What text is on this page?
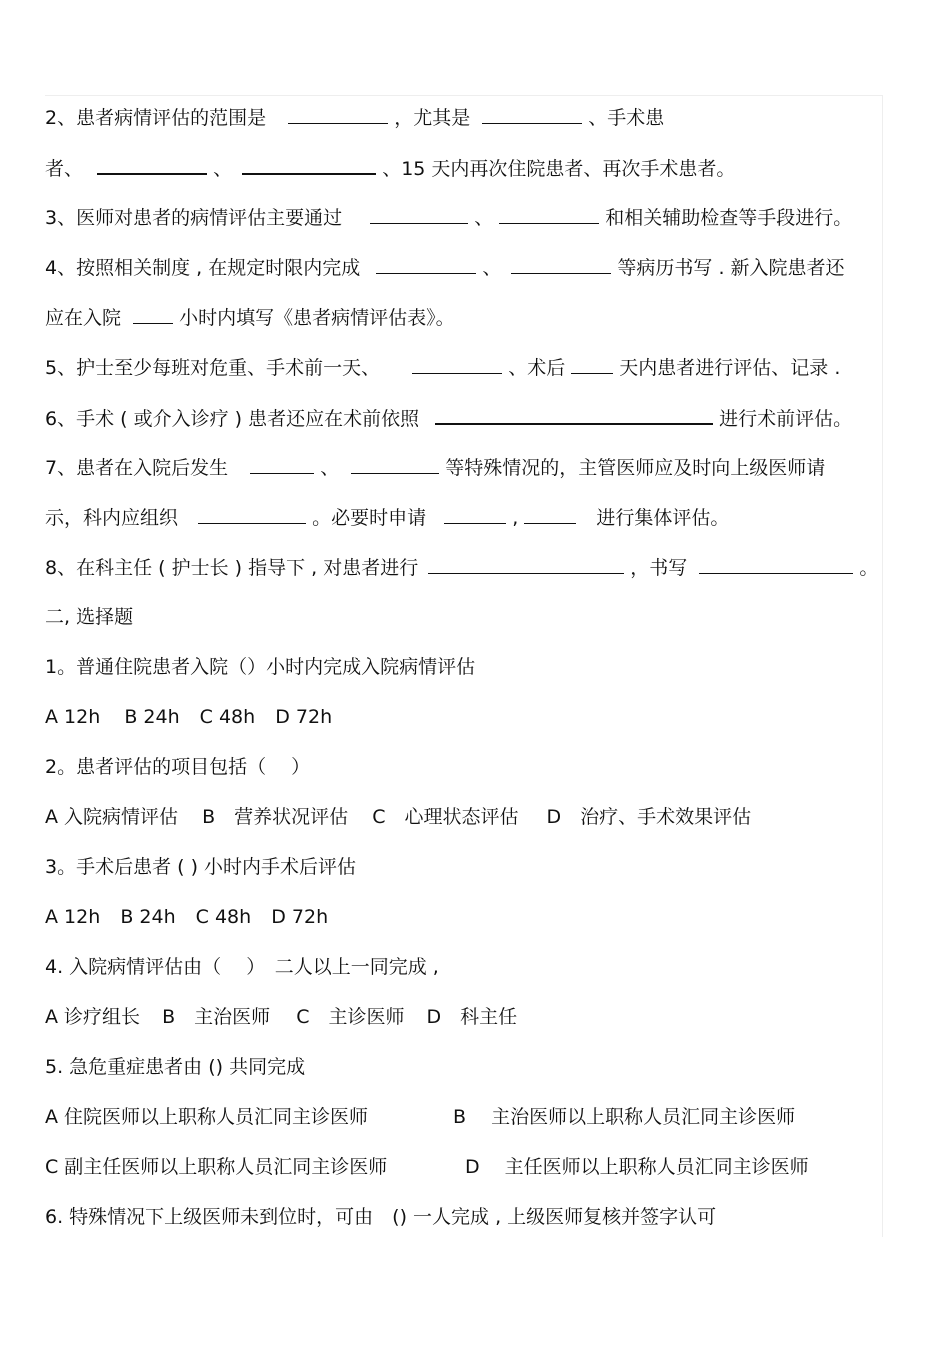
2、患者病情评估的范围是	，尤其是	、手术患
者、	、	、15 天内再次住院患者、再次手术患者。
3、医师对患者的病情评估主要通过	、	和相关辅助检查等手段进行。
4、按照相关制度 , 在规定时限内完成	、	等病历书写 . 新入院患者还
应在入院	小时内填写《患者病情评估表》。
5、护士至少每班对危重、手术前一天、	、术后	天内患者进行评估、记录 .
6、手术 ( 或介入诊疗 ) 患者还应在术前依照	进行术前评估。
7、患者在入院后发生	、	等特殊情况的，主管医师应及时向上级医师请
示，科内应组织	。必要时申请	,	进行集体评估。
8、在科主任 ( 护士长 ) 指导下 , 对患者进行	，书写	。
二, 选择题
1。普通住院患者入院（）小时内完成入院病情评估
A 12h B 24h C 48h D 72h
2。患者评估的项目包括（　 ）
A 入院病情评估 B　营养状况评估 C　心理状态评估 D　治疗、手术效果评估
3。手术后患者 ( ) 小时内手术后评估
A 12h B 24h C 48h D 72h
4. 入院病情评估由（　 ）　二人以上一同完成 ,
A 诊疗组长 B　主治医师 C　主诊医师 D　科主任
5. 急危重症患者由 () 共同完成
A 住院医师以上职称人员汇同主诊医师	B　 主治医师以上职称人员汇同主诊医师
C 副主任医师以上职称人员汇同主诊医师	D　 主任医师以上职称人员汇同主诊医师
6. 特殊情况下上级医师未到位时，可由　() 一人完成 , 上级医师复核并签字认可
